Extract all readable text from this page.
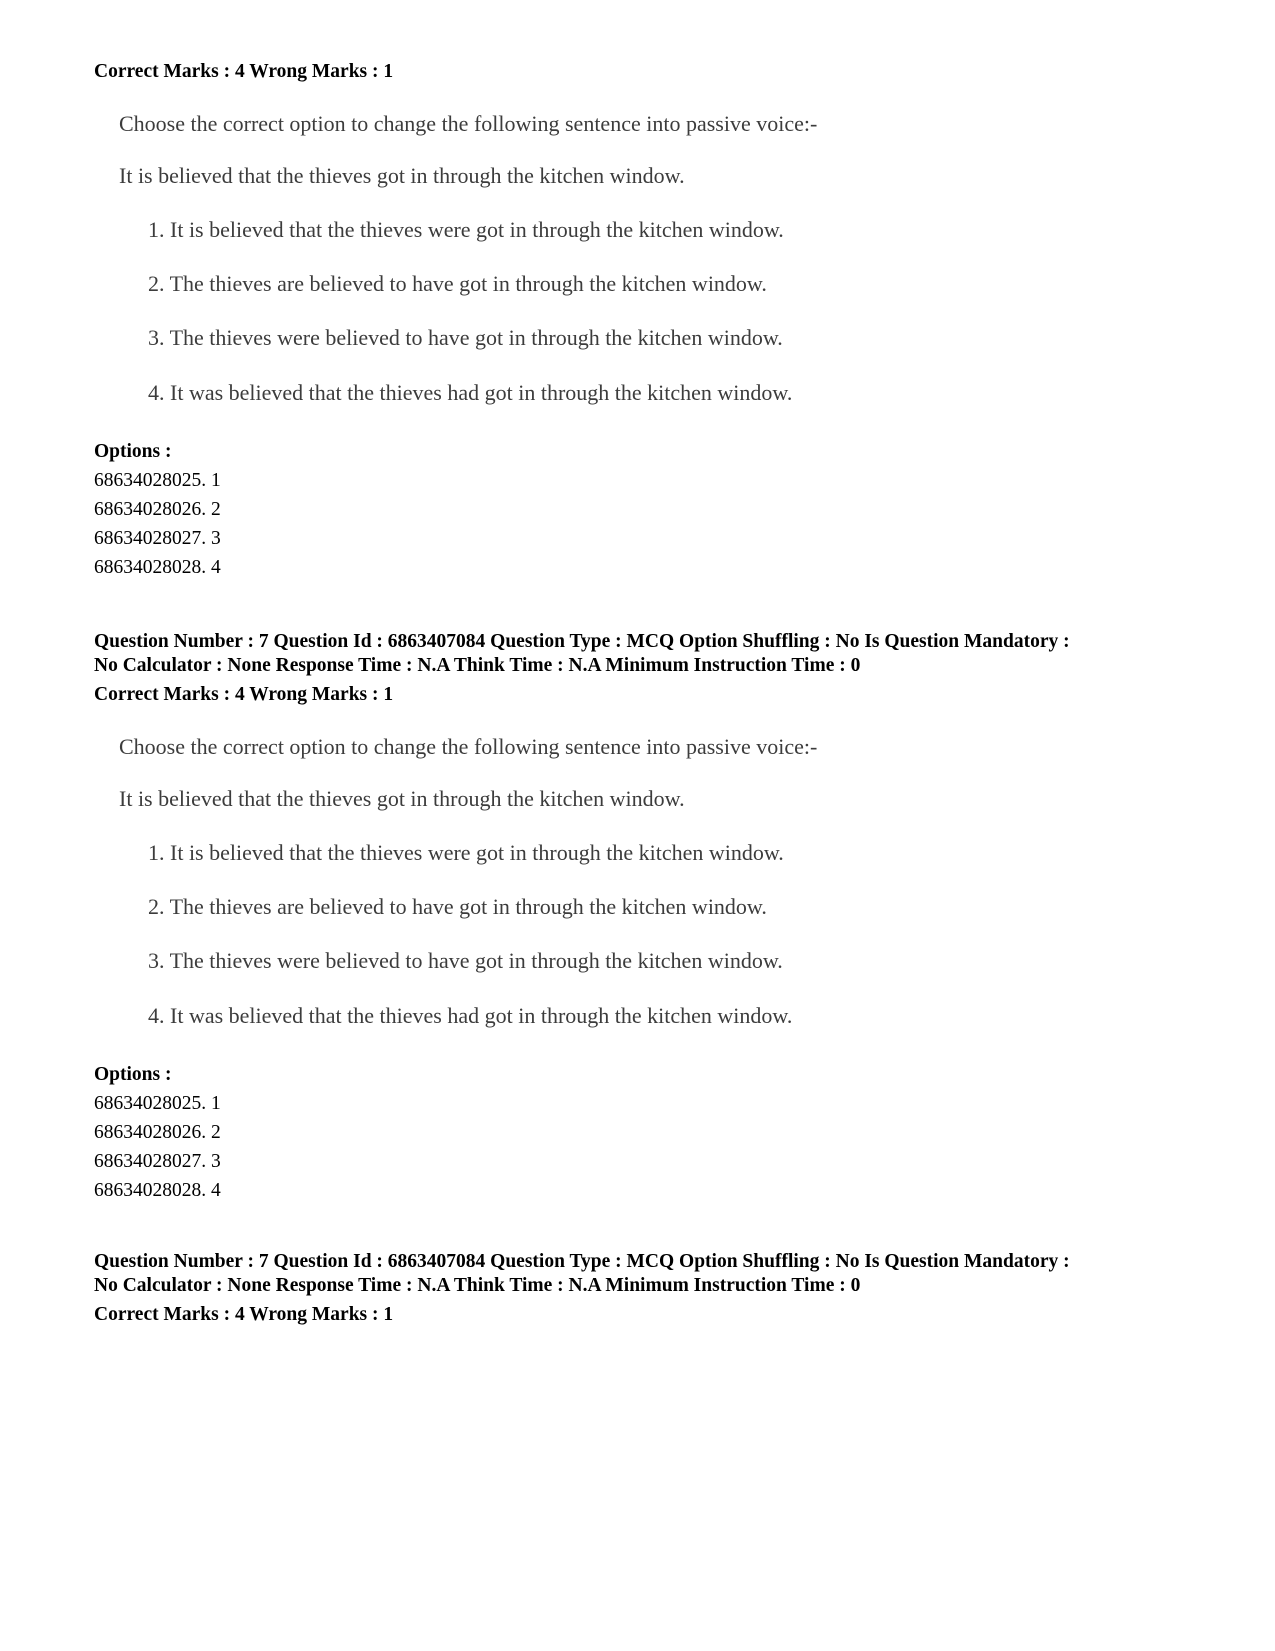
Correct Marks : 4 Wrong Marks : 1
Choose the correct option to change the following sentence into passive voice:-
It is believed that the thieves got in through the kitchen window.
1. It is believed that the thieves were got in through the kitchen window.
2. The thieves are believed to have got in through the kitchen window.
3. The thieves were believed to have got in through the kitchen window.
4. It was believed that the thieves had got in through the kitchen window.
Options :
68634028025. 1
68634028026. 2
68634028027. 3
68634028028. 4
Question Number : 7 Question Id : 6863407084 Question Type : MCQ Option Shuffling : No Is Question Mandatory :
No Calculator : None Response Time : N.A Think Time : N.A Minimum Instruction Time : 0
Correct Marks : 4 Wrong Marks : 1
Choose the correct option to change the following sentence into passive voice:-
It is believed that the thieves got in through the kitchen window.
1. It is believed that the thieves were got in through the kitchen window.
2. The thieves are believed to have got in through the kitchen window.
3. The thieves were believed to have got in through the kitchen window.
4. It was believed that the thieves had got in through the kitchen window.
Options :
68634028025. 1
68634028026. 2
68634028027. 3
68634028028. 4
Question Number : 7 Question Id : 6863407084 Question Type : MCQ Option Shuffling : No Is Question Mandatory :
No Calculator : None Response Time : N.A Think Time : N.A Minimum Instruction Time : 0
Correct Marks : 4 Wrong Marks : 1
